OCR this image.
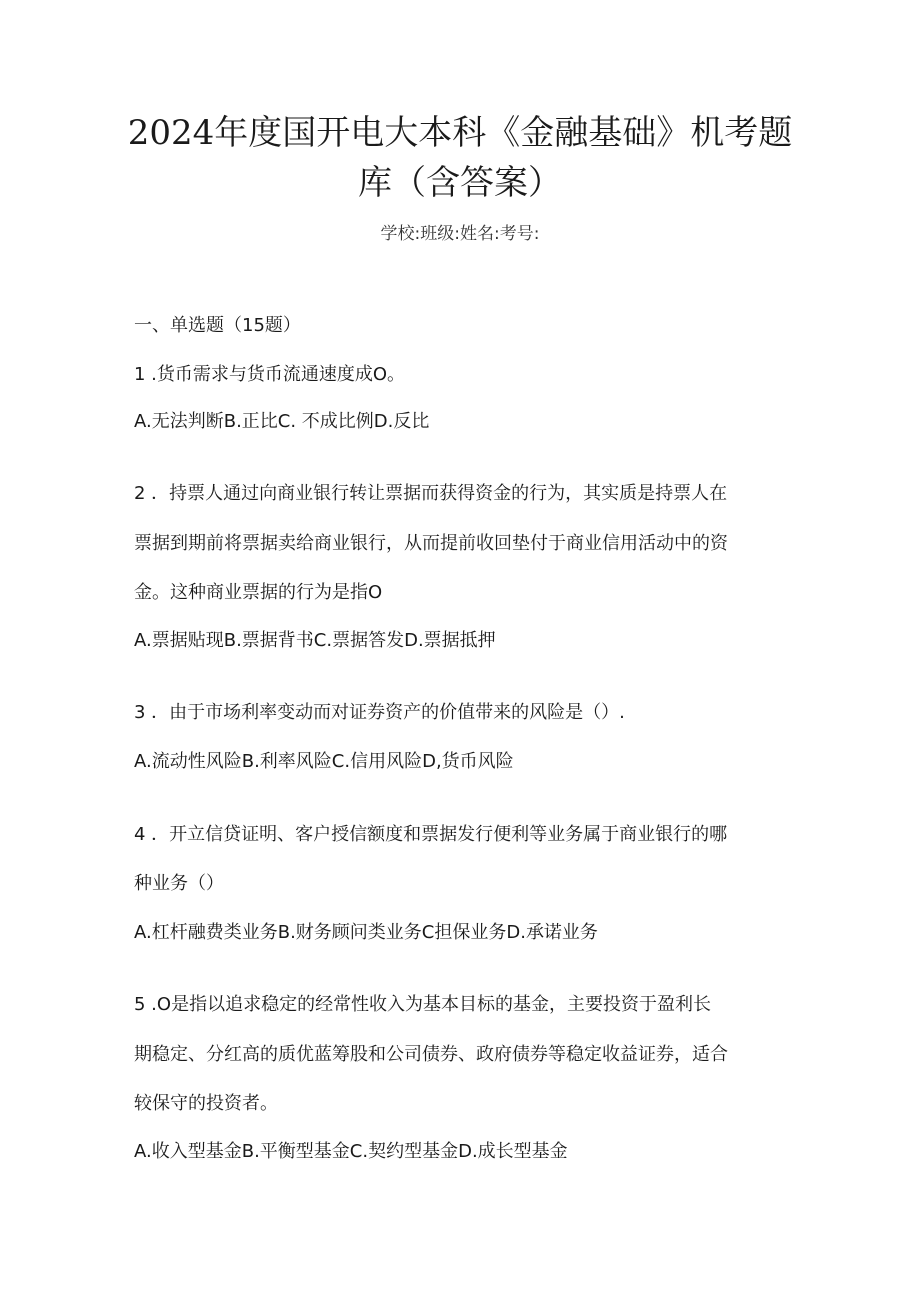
2024年度国开电大本科《金融基础》机考题
库（含答案）
学校:班级:姓名:考号:
一、单选题（15题）
1 .货币需求与货币流通速度成O。
A.无法判断B.正比C. 不成比例D.反比
2 ．持票人通过向商业银行转让票据而获得资金的行为，其实质是持票人在
票据到期前将票据卖给商业银行，从而提前收回垫付于商业信用活动中的资
金。这种商业票据的行为是指O
A.票据贴现B.票据背书C.票据答发D.票据抵押
3 ．由于市场利率变动而对证券资产的价值带来的风险是（）.
A.流动性风险B.利率风险C.信用风险D,货币风险
4 ．开立信贷证明、客户授信额度和票据发行便利等业务属于商业银行的哪
种业务（）
A.杠杆融费类业务B.财务顾问类业务C担保业务D.承诺业务
5 .O是指以追求稳定的经常性收入为基本目标的基金，主要投资于盈利长
期稳定、分红高的质优蓝筹股和公司债券、政府债券等稳定收益证券，适合
较保守的投资者。
A.收入型基金B.平衡型基金C.契约型基金D.成长型基金
